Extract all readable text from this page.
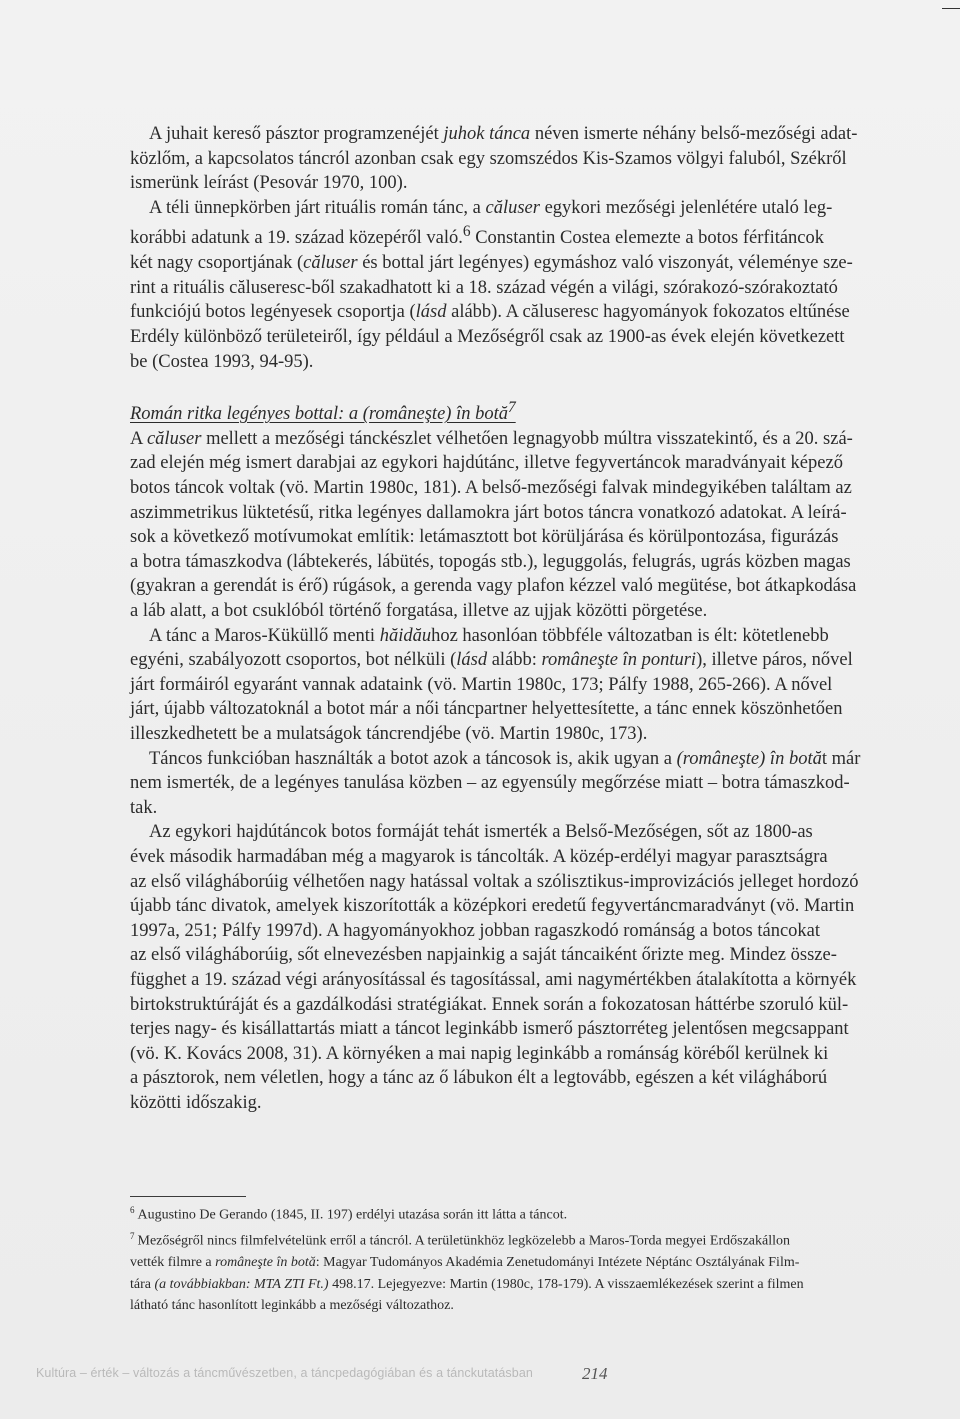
A juhait kereső pásztor programzenéjét juhok tánca néven ismerte néhány belső-mezőségi adat-
közlőm, a kapcsolatos táncról azonban csak egy szomszédos Kis-Szamos völgyi faluból, Székről
ismerünk leírást (Pesovár 1970, 100).

A téli ünnepkörben járt rituális román tánc, a căluser egykori mezőségi jelenlétére utaló leg-
korábbi adatunk a 19. század közepéről való.$^6$ Constantin Costea elemezte a botos férfitáncok
két nagy csoportjának (căluser és bottal járt legényes) egymáshoz való viszonyát, véleménye sze-
rint a rituális căluseresc-ből szakadhatott ki a 18. század végén a világi, szórakozó-szórakoztató
funkciójú botos legényesek csoportja (lásd alább). A căluseresc hagyományok fokozatos eltűnése
Erdély különböző területeiről, így például a Mezőségről csak az 1900-as évek elején következett
be (Costea 1993, 94-95).

Román ritka legényes bottal: a (româneşte) în botă$^7$

A căluser mellett a mezőségi tánckészlet vélhetően legnagyobb múltra visszatekintő, és a 20. szá-
zad elején még ismert darabjai az egykori hajdútánc, illetve fegyvertáncok maradványait képező
botos táncok voltak (vö. Martin 1980c, 181). A belső-mezőségi falvak mindegyikében találtam az
aszimmetrikus lüktetésű, ritka legényes dallamokra járt botos táncra vonatkozó adatokat. A leírá-
sok a következő motívumokat említik: letámasztott bot körüljárása és körülpontozása, figurázás
a botra támaszkodva (lábtekerés, lábütés, topogás stb.), leguggolás, felugrás, ugrás közben magas
(gyakran a gerendát is érő) rúgások, a gerenda vagy plafon kézzel való megütése, bot átkapkodása
a láb alatt, a bot csuklóból történő forgatása, illetve az ujjak közötti pörgetése.

A tánc a Maros-Küküllő menti hăidăuhoz hasonlóan többféle változatban is élt: kötetlenebb
egyéni, szabályozott csoportos, bot nélküli (lásd alább: româneşte în ponturi), illetve páros, nővel
járt formáiról egyaránt vannak adataink (vö. Martin 1980c, 173; Pálfy 1988, 265-266). A nővel
járt, újabb változatoknál a botot már a női táncpartner helyettesítette, a tánc ennek köszönhetően
illeszkedhetett be a mulatságok táncrendjébe (vö. Martin 1980c, 173).

Táncos funkcióban használták a botot azok a táncosok is, akik ugyan a (româneşte) în botăt már
nem ismerték, de a legényes tanulása közben – az egyensúly megőrzése miatt – botra támaszkod-
tak.

Az egykori hajdútáncok botos formáját tehát ismerték a Belső-Mezőségen, sőt az 1800-as
évek második harmadában még a magyarok is táncolták. A közép-erdélyi magyar parasztságra
az első világháborúig vélhetően nagy hatással voltak a szólisztikus-improvizációs jelleget hordozó
újabb tánc divatok, amelyek kiszorították a középkori eredetű fegyvertáncmaradványt (vö. Martin
1997a, 251; Pálfy 1997d). A hagyományokhoz jobban ragaszkodó románság a botos táncokat
az első világháborúig, sőt elnevezésben napjainkig a saját táncaiként őrizte meg. Mindez össze-
függhet a 19. század végi arányosítással és tagosítással, ami nagymértékben átalakította a környék
birtokstruktúráját és a gazdálkodási stratégiákat. Ennek során a fokozatosan háttérbe szoruló kül-
terjes nagy- és kisállattartás miatt a táncot leginkább ismerő pásztorréteg jelentősen megcsappant
(vö. K. Kovács 2008, 31). A környéken a mai napig leginkább a románság köréből kerülnek ki
a pásztorok, nem véletlen, hogy a tánc az ő lábukon élt a legtovább, egészen a két világháború
közötti időszakig.

$^6$ Augustino De Gerando (1845, II. 197) erdélyi utazása során itt látta a táncot.

$^7$ Mezőségről nincs filmfelvételünk erről a táncról. A területünkhöz legközelebb a Maros-Torda megyei Erdőszakállon
vették filmre a româneşte în botă: Magyar Tudományos Akadémia Zenetudományi Intézete Néptánc Osztályának Film-
tára (a továbbiakban: MTA ZTI Ft.) 498.17. Lejegyezve: Martin (1980c, 178-179). A visszaemlékezések szerint a filmen
látható tánc hasonlított leginkább a mezőségi változathoz.

Kultúra – érték – változás a táncművészetben, a táncpedagógiában és a tánckutatásban	214
